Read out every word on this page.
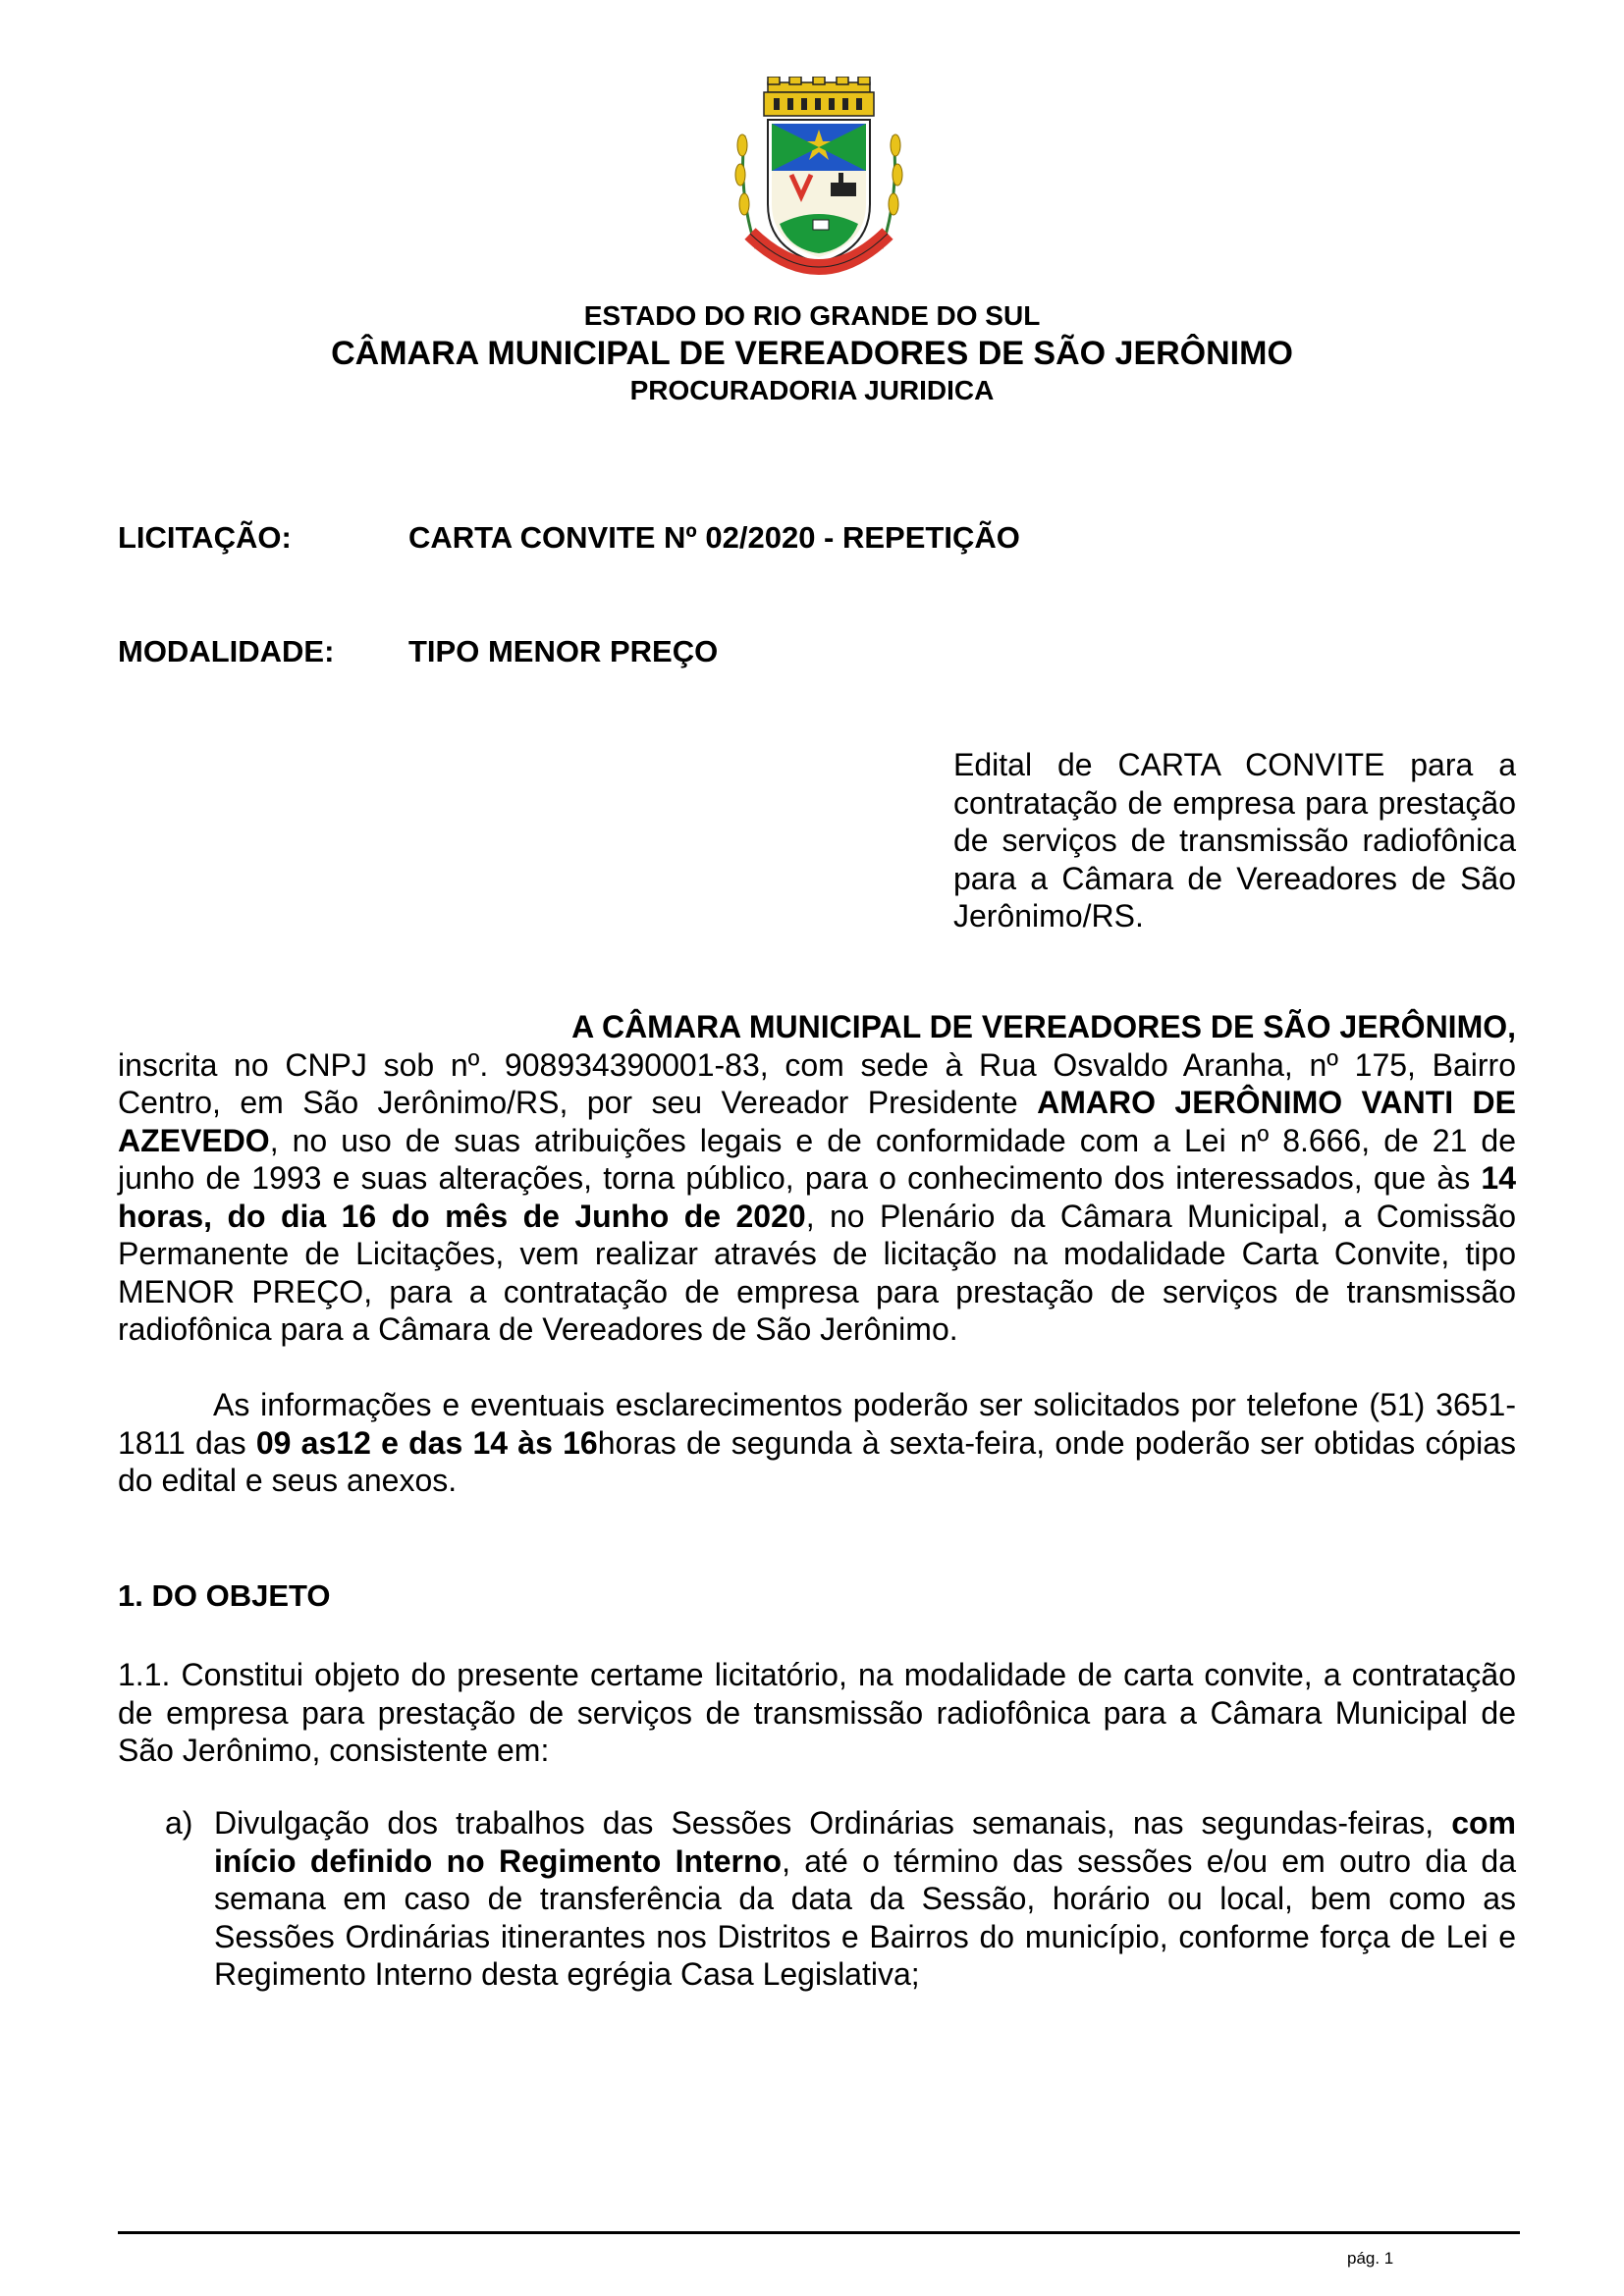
ESTADO DO RIO GRANDE DO SUL
CÂMARA MUNICIPAL DE VEREADORES DE SÃO JERÔNIMO
PROCURADORIA JURIDICA
LICITAÇÃO:	CARTA CONVITE Nº 02/2020 - REPETIÇÃO
MODALIDADE: TIPO MENOR PREÇO

Edital de CARTA CONVITE para a contratação de empresa para prestação de serviços de transmissão radiofônica para a Câmara de Vereadores de São Jerônimo/RS.

A CÂMARA MUNICIPAL DE VEREADORES DE SÃO JERÔNIMO,
inscrita no CNPJ sob nº. 908934390001-83, com sede à Rua Osvaldo Aranha, nº 175, Bairro Centro, em São Jerônimo/RS, por seu Vereador Presidente AMARO JERÔNIMO VANTI DE AZEVEDO, no uso de suas atribuições legais e de conformidade com a Lei nº 8.666, de 21 de junho de 1993 e suas alterações, torna público, para o conhecimento dos interessados, que às 14 horas, do dia 16 do mês de Junho de 2020, no Plenário da Câmara Municipal, a Comissão Permanente de Licitações, vem realizar através de licitação na modalidade Carta Convite, tipo MENOR PREÇO, para a contratação de empresa para prestação de serviços de transmissão radiofônica para a Câmara de Vereadores de São Jerônimo.

As informações e eventuais esclarecimentos poderão ser solicitados por telefone (51) 3651- 1811 das 09 as12 e das 14 às 16horas de segunda à sexta-feira, onde poderão ser obtidas cópias do edital e seus anexos.

1. DO OBJETO

1.1. Constitui objeto do presente certame licitatório, na modalidade de carta convite, a contratação de empresa para prestação de serviços de transmissão radiofônica para a Câmara Municipal de São Jerônimo, consistente em:

a) Divulgação dos trabalhos das Sessões Ordinárias semanais, nas segundas-feiras, com início definido no Regimento Interno, até o término das sessões e/ou em outro dia da semana em caso de transferência da data da Sessão, horário ou local, bem como as Sessões Ordinárias itinerantes nos Distritos e Bairros do município, conforme força de Lei e Regimento Interno desta egrégia Casa Legislativa;

pág. 1
